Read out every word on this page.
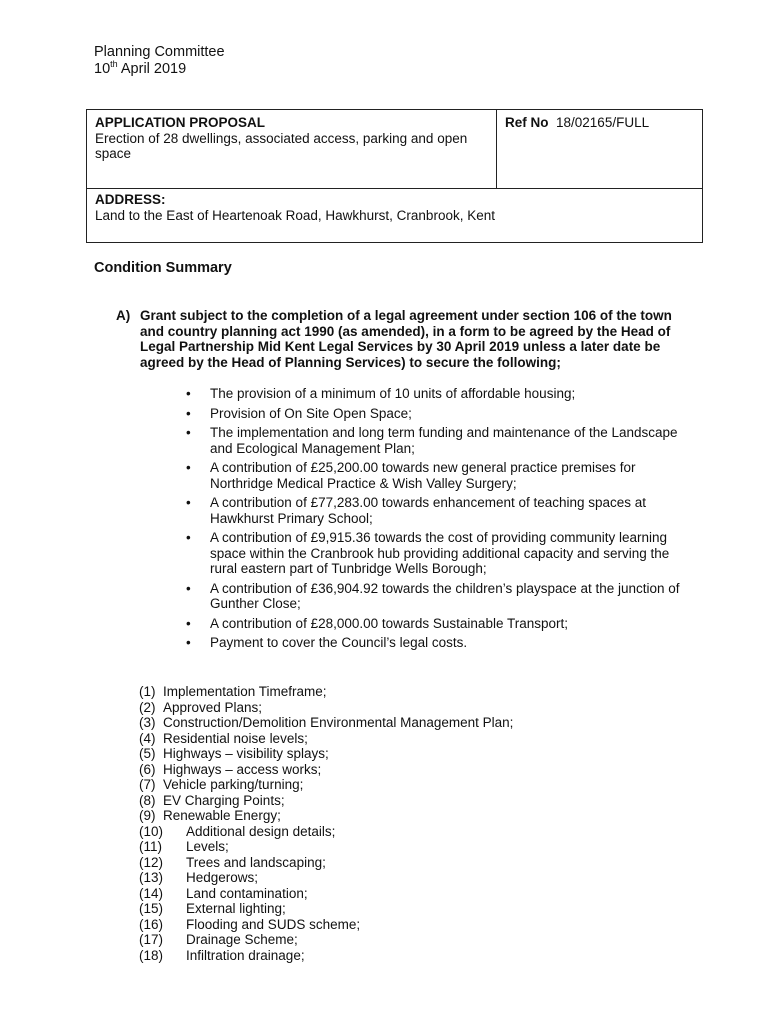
Planning Committee
10th April 2019
APPLICATION PROPOSAL
Erection of 28 dwellings, associated access, parking and open
space
Ref No 18/02165/FULL
ADDRESS:
Land to the East of Heartenoak Road, Hawkhurst, Cranbrook, Kent
Condition Summary
A) Grant subject to the completion of a legal agreement under section 106 of the town
and country planning act 1990 (as amended), in a form to be agreed by the Head of
Legal Partnership Mid Kent Legal Services by 30 April 2019 unless a later date be
agreed by the Head of Planning Services) to secure the following;
• The provision of a minimum of 10 units of affordable housing;
• Provision of On Site Open Space;
• The implementation and long term funding and maintenance of the Landscape
and Ecological Management Plan;
• A contribution of £25,200.00 towards new general practice premises for
Northridge Medical Practice & Wish Valley Surgery;
• A contribution of £77,283.00 towards enhancement of teaching spaces at
Hawkhurst Primary School;
• A contribution of £9,915.36 towards the cost of providing community learning
space within the Cranbrook hub providing additional capacity and serving the
rural eastern part of Tunbridge Wells Borough;
• A contribution of £36,904.92 towards the children’s playspace at the junction of
Gunther Close;
• A contribution of £28,000.00 towards Sustainable Transport;
• Payment to cover the Council’s legal costs.
(1) Implementation Timeframe;
(2) Approved Plans;
(3) Construction/Demolition Environmental Management Plan;
(4) Residential noise levels;
(5) Highways – visibility splays;
(6) Highways – access works;
(7) Vehicle parking/turning;
(8) EV Charging Points;
(9) Renewable Energy;
(10) Additional design details;
(11) Levels;
(12) Trees and landscaping;
(13) Hedgerows;
(14) Land contamination;
(15) External lighting;
(16) Flooding and SUDS scheme;
(17) Drainage Scheme;
(18) Infiltration drainage;
